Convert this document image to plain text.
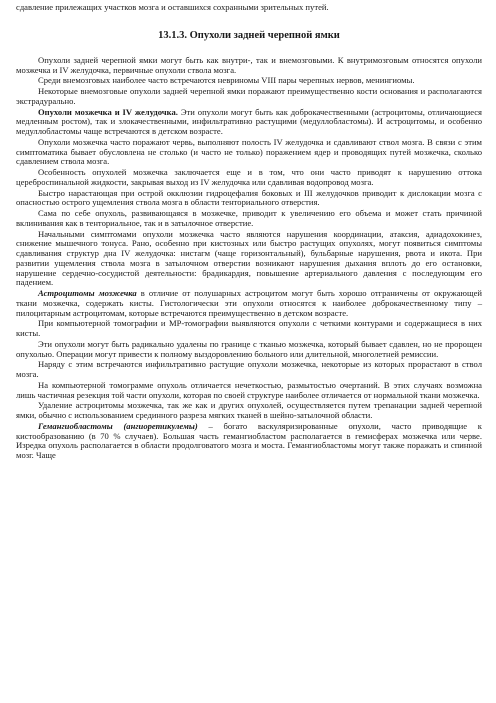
сдавление прилежащих участков мозга и оставшихся сохранными зрительных путей.

13.1.3. Опухоли задней черепной ямки

Опухоли задней черепной ямки могут быть как внутри-, так и внемозговыми. К внутримозговым относятся опухоли мозжечка и IV желудочка, первичные опухоли ствола мозга.

Среди внемозговых наиболее часто встречаются невриномы VIII пары черепных нервов, менингиомы.

Некоторые внемозговые опухоли задней черепной ямки поражают преимущественно кости основания и располагаются экстрадурально.

Опухоли мозжечка и IV желудочка. Эти опухоли могут быть как доброкачественными (астроцитомы, отличающиеся медленным ростом), так и злокачественными, инфильтративно растущими (медуллобластомы). И астроцитомы, и особенно медуллобластомы чаще встречаются в детском возрасте.

Опухоли мозжечка часто поражают червь, выполняют полость IV желудочка и сдавливают ствол мозга. В связи с этим симптоматика бывает обусловлена не столько (и часто не только) поражением ядер и проводящих путей мозжечка, сколько сдавлением ствола мозга.

Особенность опухолей мозжечка заключается еще и в том, что они часто приводят к нарушению оттока цереброспинальной жидкости, закрывая выход из IV желудочка или сдавливая водопровод мозга.

Быстро нарастающая при острой окклюзии гидроцефалия боковых и III желудочков приводит к дислокации мозга с опасностью острого ущемления ствола мозга в области тенториального отверстия.

Сама по себе опухоль, развивающаяся в мозжечке, приводит к увеличению его объема и может стать причиной вклинивания как в тенториальное, так и в затылочное отверстие.

Начальными симптомами опухоли мозжечка часто являются нарушения координации, атаксия, адиадохокинез, снижение мышечного тонуса. Рано, особенно при кистозных или быстро растущих опухолях, могут появиться симптомы сдавливания структур дна IV желудочка: нистагм (чаще горизонтальный), бульбарные нарушения, рвота и икота. При развитии ущемления ствола мозга в затылочном отверстии возникают нарушения дыхания вплоть до его остановки, нарушение сердечно-сосудистой деятельности: брадикардия, повышение артериального давления с последующим его падением.

Астроцитомы мозжечка в отличие от полушарных астроцитом могут быть хорошо отграничены от окружающей ткани мозжечка, содержать кисты. Гистологически эти опухоли относятся к наиболее доброкачественному типу – пилоцитарным астроцитомам, которые встречаются преимущественно в детском возрасте.

При компьютерной томографии и МР-томографии выявляются опухоли с четкими контурами и содержащиеся в них кисты.

Эти опухоли могут быть радикально удалены по границе с тканью мозжечка, который бывает сдавлен, но не пророщен опухолью. Операции могут привести к полному выздоровлению больного или длительной, многолетней ремиссии.

Наряду с этим встречаются инфильтративно растущие опухоли мозжечка, некоторые из которых прорастают в ствол мозга.

На компьютерной томограмме опухоль отличается нечеткостью, размытостью очертаний. В этих случаях возможна лишь частичная резекция той части опухоли, которая по своей структуре наиболее отличается от нормальной ткани мозжечка.

Удаление астроцитомы мозжечка, так же как и других опухолей, осуществляется путем трепанации задней черепной ямки, обычно с использованием срединного разреза мягких тканей в шейно-затылочной области.

Гемангиобластомы (ангиоретикулемы) – богато васкуляризированные опухоли, часто приводящие к кистообразованию (в 70 % случаев). Большая часть гемангиобластом располагается в гемисферах мозжечка или черве. Изредка опухоль располагается в области продолговатого мозга и моста. Гемангиобластомы могут также поражать и спинной мозг. Чаще
